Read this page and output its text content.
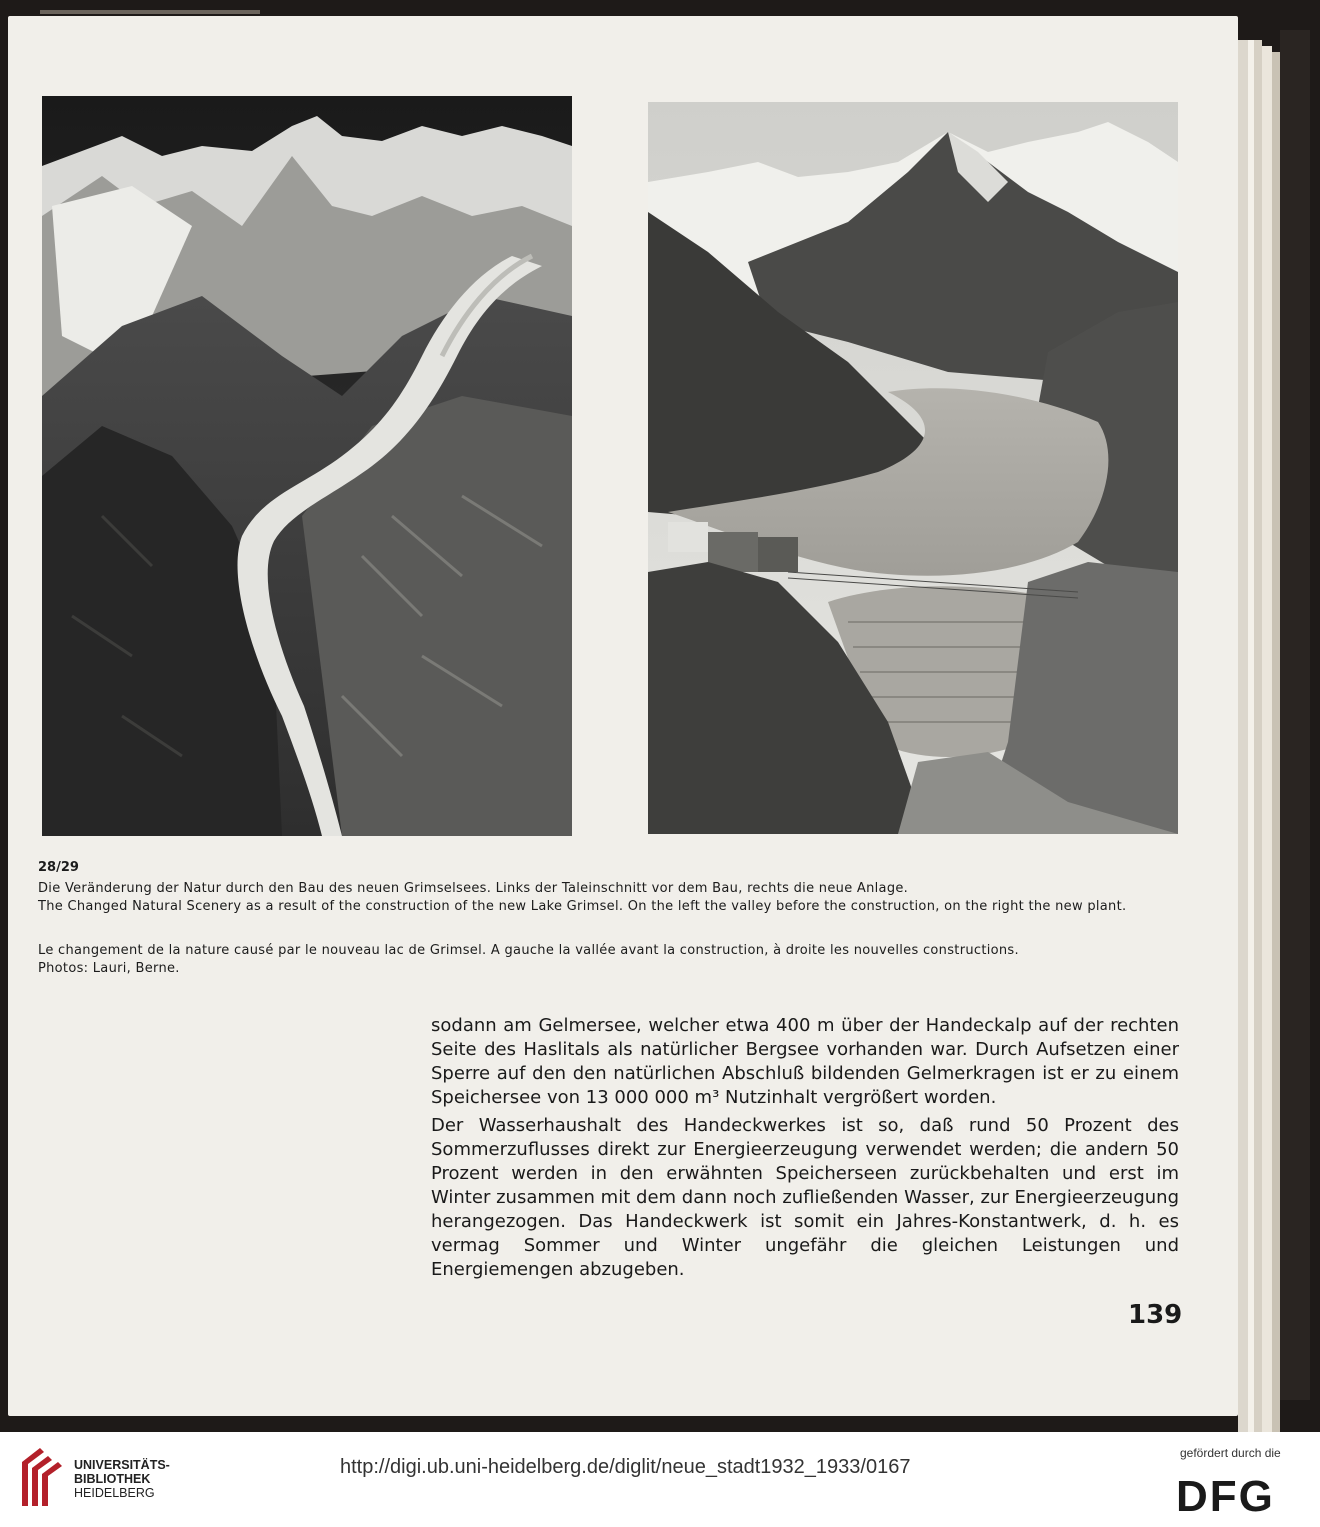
28/29

Die Veränderung der Natur durch den Bau des neuen Grimselsees. Links der Taleinschnitt vor dem Bau, rechts die neue Anlage.

The Changed Natural Scenery as a result of the construction of the new Lake Grimsel. On the left the valley before the construction, on the right the new plant.

Le changement de la nature causé par le nouveau lac de Grimsel. A gauche la vallée avant la construction, à droite les nouvelles constructions.

Photos: Lauri, Berne.

sodann am Gelmersee, welcher etwa 400 m über der Handeckalp auf der rechten Seite des Haslitals als natürlicher Bergsee vorhanden war. Durch Aufsetzen einer Sperre auf den den natürlichen Abschluß bildenden Gelmerkragen ist er zu einem Speichersee von 13 000 000 m³ Nutzinhalt vergrößert worden.

Der Wasserhaushalt des Handeckwerkes ist so, daß rund 50 Prozent des Sommerzuflusses direkt zur Energieerzeugung verwendet werden; die andern 50 Prozent werden in den erwähnten Speicherseen zurückbehalten und erst im Winter zusammen mit dem dann noch zufließenden Wasser, zur Energieerzeugung herangezogen. Das Handeckwerk ist somit ein Jahres-Konstantwerk, d. h. es vermag Sommer und Winter ungefähr die gleichen Leistungen und Energiemengen abzugeben.

139
UNIVERSITÄTS-
BIBLIOTHEK
HEIDELBERG
http://digi.ub.uni-heidelberg.de/diglit/neue_stadt1932_1933/0167
gefördert durch die
DFG
